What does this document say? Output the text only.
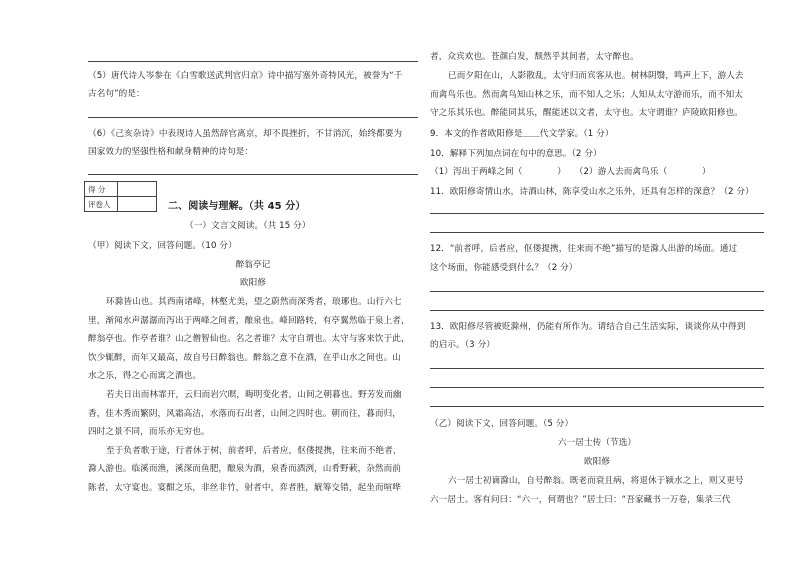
（5）唐代诗人岑参在《白雪歌送武判官归京》诗中描写塞外奇特风光，被誉为“千
古名句”的是：
（6）《己亥杂诗》中表现诗人虽然辞官离京，却不畏挫折，不甘消沉，始终都要为
国家效力的坚强性格和献身精神的诗句是：
得 分	
评卷人		二、阅读与理解。（共 45 分）
（一）文言文阅读。（共 15 分）
（甲）阅读下文，回答问题。（10 分）
醉翁亭记
欧阳修
环滁皆山也。其西南诸峰，林壑尤美，望之蔚然而深秀者，琅琊也。山行六七
里，渐闻水声潺潺而泻出于两峰之间者，酿泉也。峰回路转，有亭翼然临于泉上者，
醉翁亭也。作亭者谁？山之僧智仙也。名之者谁？太守自谓也。太守与客来饮于此，
饮少辄醉，而年又最高，故自号曰醉翁也。醉翁之意不在酒，在乎山水之间也。山
水之乐，得之心而寓之酒也。
若夫日出而林霏开，云归而岩穴暝，晦明变化者，山间之朝暮也。野芳发而幽
香，佳木秀而繁阴，风霜高洁，水落而石出者，山间之四时也。朝而往，暮而归，
四时之景不同，而乐亦无穷也。
至于负者歌于途，行者休于树，前者呼，后者应，伛偻提携，往来而不绝者，
滁人游也。临溪而渔，溪深而鱼肥，酿泉为酒，泉香而酒洌，山肴野蔌，杂然而前
陈者，太守宴也。宴酣之乐，非丝非竹，射者中，弈者胜，觥筹交错，起坐而喧哗
者，众宾欢也。苍颜白发，颓然乎其间者，太守醉也。
已而夕阳在山，人影散乱，太守归而宾客从也。树林阴翳，鸣声上下，游人去
而禽鸟乐也。然而禽鸟知山林之乐，而不知人之乐；人知从太守游而乐，而不知太
守之乐其乐也。醉能同其乐，醒能述以文者，太守也。太守谓谁？庐陵欧阳修也。
9．本文的作者欧阳修是＿＿代文学家。（1 分）
10．解释下列加点词在句中的意思。（2 分）
（1）泻出于两峰之间（　　　　）　　（2）游人去而禽鸟乐（　　　　）
11．欧阳修寄情山水，诗酒山林，陈享受山水之乐外，还具有怎样的深意？（2 分）
12．“前者呼，后者应，伛偻提携，往来而不绝”描写的是滁人出游的场面。通过
这个场面，你能感受到什么？（2 分）
13．欧阳修尽管被贬滁州，仍能有所作为。请结合自己生活实际，谈谈你从中得到
的启示。（3 分）
（乙）阅读下文，回答问题。（5 分）
六一居士传（节选）
欧阳修
六一居士初谪滁山，自号醉翁。既老而衰且病，将退休于颍水之上，则又更号
六一居士。客有问曰：“六一，何谓也？”居士曰：“吾家藏书一万卷，集录三代
